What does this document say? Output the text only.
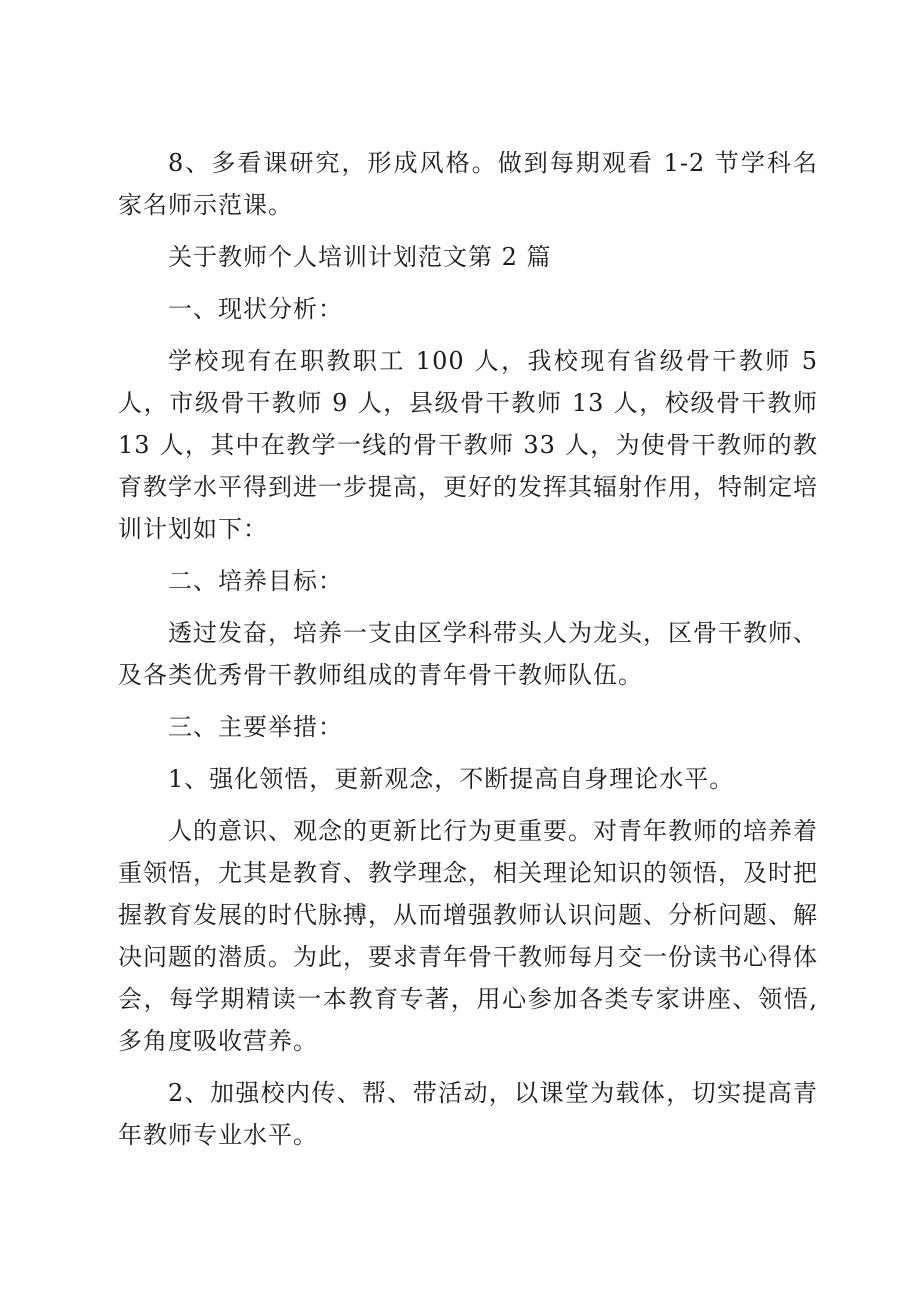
8、多看课研究，形成风格。做到每期观看 1-2 节学科名家名师示范课。

关于教师个人培训计划范文第 2 篇

一、现状分析：

学校现有在职教职工 100 人，我校现有省级骨干教师 5 人，市级骨干教师 9 人，县级骨干教师 13 人，校级骨干教师 13 人，其中在教学一线的骨干教师 33 人，为使骨干教师的教育教学水平得到进一步提高，更好的发挥其辐射作用，特制定培训计划如下：

二、培养目标：

透过发奋，培养一支由区学科带头人为龙头，区骨干教师、及各类优秀骨干教师组成的青年骨干教师队伍。

三、主要举措：

1、强化领悟，更新观念，不断提高自身理论水平。

人的意识、观念的更新比行为更重要。对青年教师的培养着重领悟，尤其是教育、教学理念，相关理论知识的领悟，及时把握教育发展的时代脉搏，从而增强教师认识问题、分析问题、解决问题的潜质。为此，要求青年骨干教师每月交一份读书心得体会，每学期精读一本教育专著，用心参加各类专家讲座、领悟,多角度吸收营养。

2、加强校内传、帮、带活动，以课堂为载体，切实提高青年教师专业水平。
